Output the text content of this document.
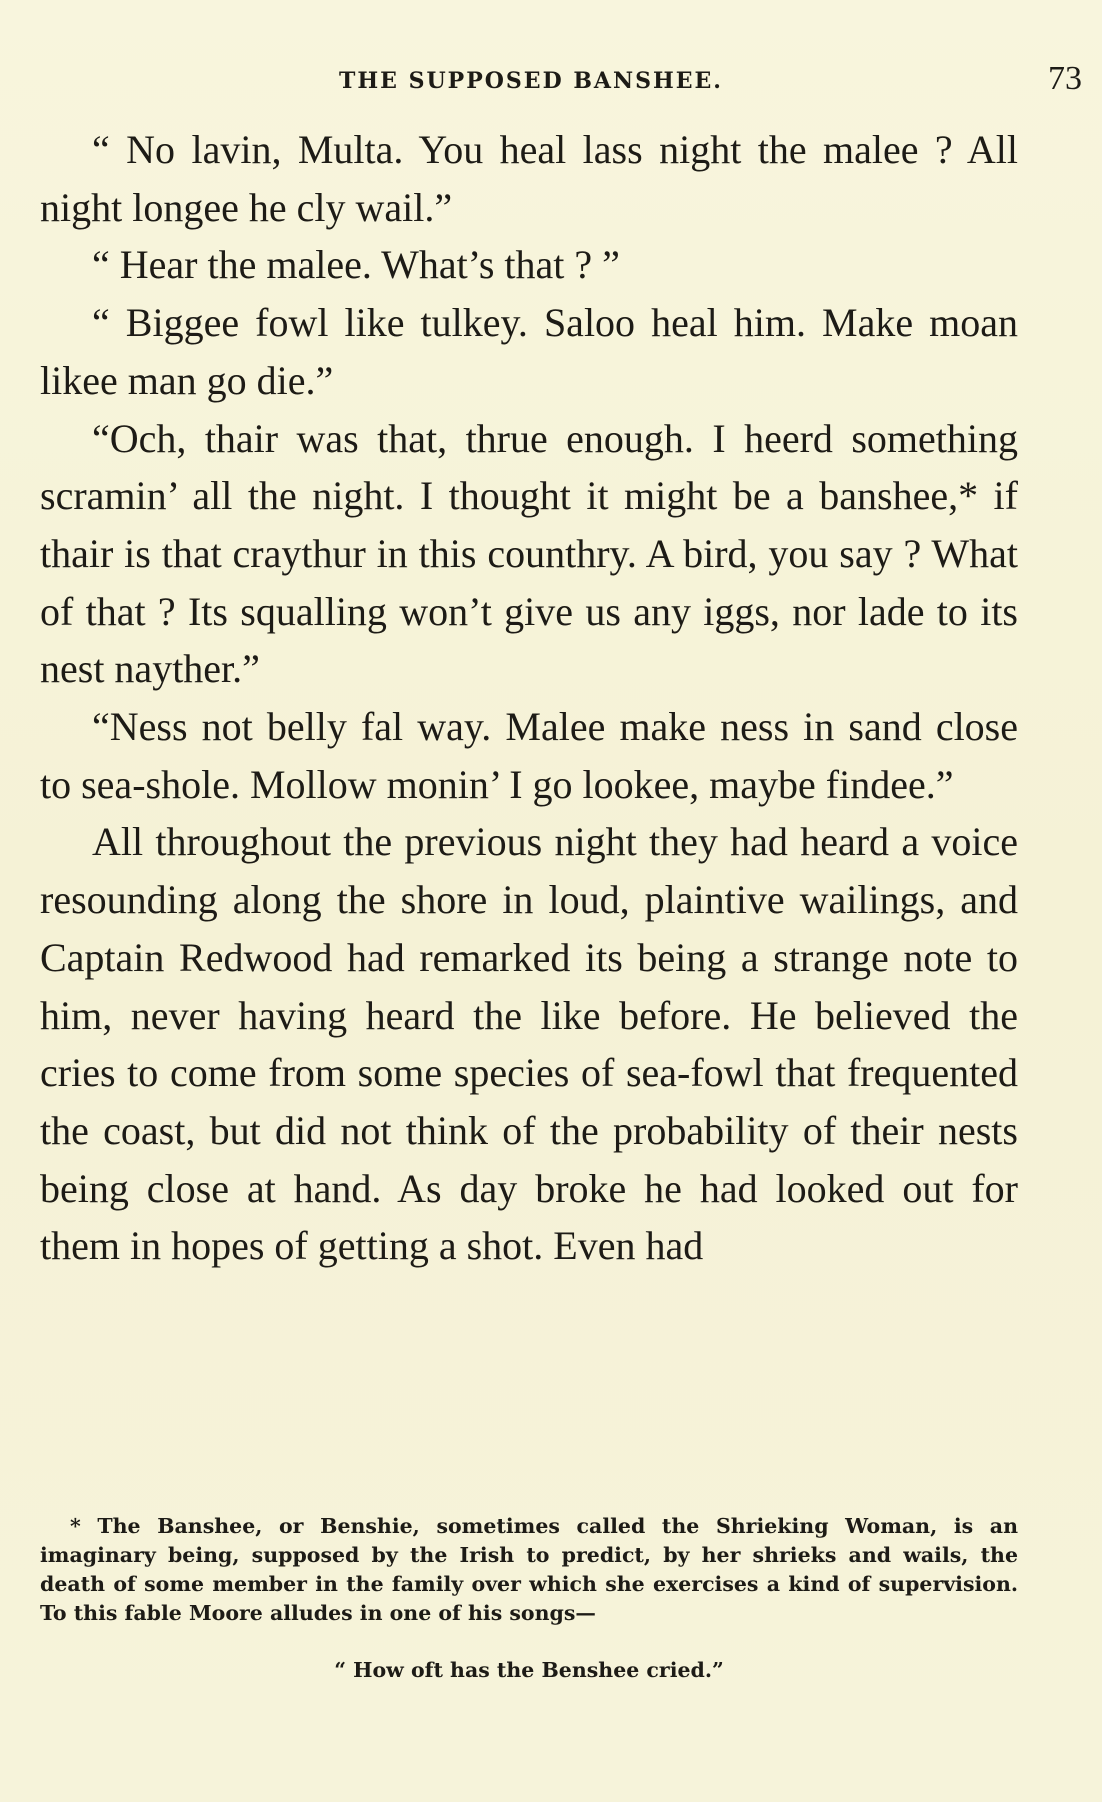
THE SUPPOSED BANSHEE.	73

“ No lavin, Multa. You heal lass night the malee ? All night longee he cly wail.”

“ Hear the malee. What’s that ? ”

“ Biggee fowl like tulkey. Saloo heal him. Make moan likee man go die.”

“Och, thair was that, thrue enough. I heerd something scramin’ all the night. I thought it might be a banshee,* if thair is that craythur in this counthry. A bird, you say ? What of that ? Its squalling won’t give us any iggs, nor lade to its nest nayther.”

“Ness not belly fal way. Malee make ness in sand close to sea-shole. Mollow monin’ I go lookee, maybe findee.”

All throughout the previous night they had heard a voice resounding along the shore in loud, plaintive wailings, and Captain Redwood had remarked its being a strange note to him, never having heard the like before. He believed the cries to come from some species of sea-fowl that frequented the coast, but did not think of the probability of their nests being close at hand. As day broke he had looked out for them in hopes of getting a shot. Even had

* The Banshee, or Benshie, sometimes called the Shrieking Woman, is an imaginary being, supposed by the Irish to predict, by her shrieks and wails, the death of some member in the family over which she exercises a kind of supervision. To this fable Moore alludes in one of his songs—

“ How oft has the Benshee cried.”
